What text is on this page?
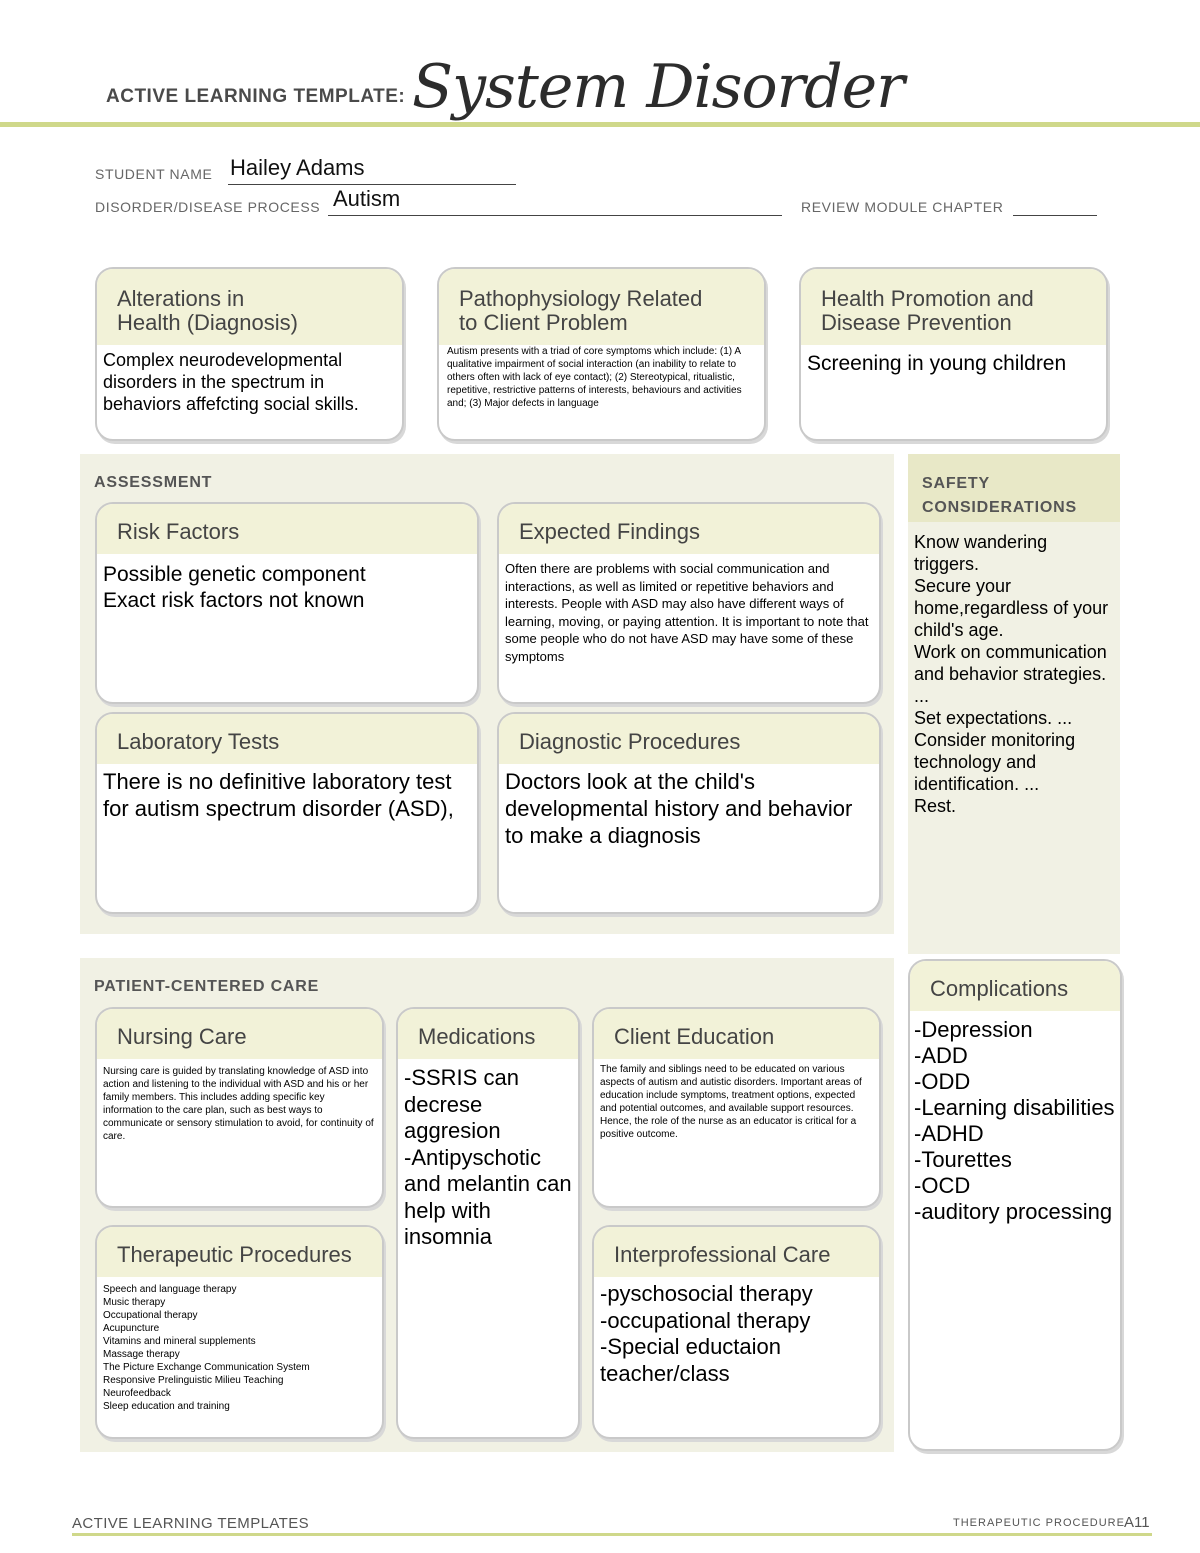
ACTIVE LEARNING TEMPLATE: System Disorder
STUDENT NAME Hailey Adams
DISORDER/DISEASE PROCESS Autism	REVIEW MODULE CHAPTER
Alterations in
Health (Diagnosis)
Complex neurodevelopmental disorders in the spectrum in behaviors affefcting social skills.
Pathophysiology Related
to Client Problem
Autism presents with a triad of core symptoms which include: (1) A qualitative impairment of social interaction (an inability to relate to others often with lack of eye contact); (2) Stereotypical, ritualistic, repetitive, restrictive patterns of interests, behaviours and activities and; (3) Major defects in language
Health Promotion and
Disease Prevention
Screening in young children
ASSESSMENT
Risk Factors
Possible genetic component
Exact risk factors not known
Expected Findings
Often there are problems with social communication and interactions, as well as limited or repetitive behaviors and interests. People with ASD may also have different ways of learning, moving, or paying attention. It is important to note that some people who do not have ASD may have some of these symptoms
Laboratory Tests
There is no definitive laboratory test for autism spectrum disorder (ASD),
Diagnostic Procedures
Doctors look at the child's developmental history and behavior to make a diagnosis
SAFETY
CONSIDERATIONS
Know wandering triggers.
Secure your home,regardless of your child's age.
Work on communication and behavior strategies. ...
Set expectations. ...
Consider monitoring technology and identification. ...
Rest.
PATIENT-CENTERED CARE
Nursing Care
Nursing care is guided by translating knowledge of ASD into action and listening to the individual with ASD and his or her family members. This includes adding specific key information to the care plan, such as best ways to communicate or sensory stimulation to avoid, for continuity of care.
Medications
-SSRIS can decrese aggresion
-Antipyschotic and melantin can help with insomnia
Client Education
The family and siblings need to be educated on various aspects of autism and autistic disorders. Important areas of education include symptoms, treatment options, expected and potential outcomes, and available support resources. Hence, the role of the nurse as an educator is critical for a positive outcome.
Therapeutic Procedures
Speech and language therapy
Music therapy
Occupational therapy
Acupuncture
Vitamins and mineral supplements
Massage therapy
The Picture Exchange Communication System
Responsive Prelinguistic Milieu Teaching
Neurofeedback
Sleep education and training
Interprofessional Care
-pyschosocial therapy
-occupational therapy
-Special eductaion teacher/class
Complications
-Depression
-ADD
-ODD
-Learning disabilities
-ADHD
-Tourettes
-OCD
-auditory processing
ACTIVE LEARNING TEMPLATES	THERAPEUTIC PROCEDURE A11
